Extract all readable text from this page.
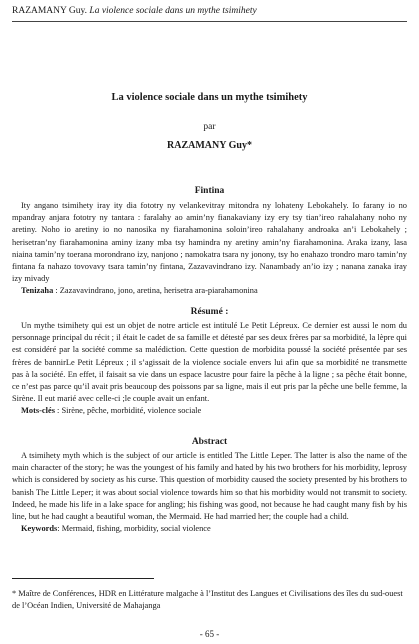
RAZAMANY Guy. La violence sociale dans un mythe tsimihety
La violence sociale dans un mythe tsimihety
par
RAZAMANY Guy*
Fintina

Ity angano tsimihety iray ity dia fototry ny velankevitray mitondra ny lohateny Lebokahely. Io farany io no mpandray anjara fototry ny tantara : faralahy ao amin’ny fianakaviany izy ery tsy tian’ireo rahalahany noho ny aretiny. Noho io aretiny io no nanosika ny fiarahamonina soloin’ireo rahalahany androaka an’i Lebokahely ; herisetran’ny fiarahamonina aminy izany mba tsy hamindra ny aretiny amin’ny fiarahamonina. Araka izany, lasa niaina tamin’ny toerana morondrano izy, nanjono ; namokatra tsara ny jonony, tsy ho enahazo trondro maro tamin’ny fintana fa nahazo tovovavy tsara tamin’ny fintana, Zazavavindrano izy. Nanambady an’io izy ; nanana zanaka iray izy mivady

Tenizaha : Zazavavindrano, jono, aretina, herisetra ara-piarahamonina

Résumé :

Un mythe tsimihety qui est un objet de notre article est intitulé Le Petit Lépreux. Ce dernier est aussi le nom du personnage principal du récit ; il était le cadet de sa famille et détesté par ses deux frères par sa morbidité, la lèpre qui est considéré par la société comme sa malédiction. Cette question de morbidita poussé la société présentée par ses frères de bannirLe Petit Lépreux ; il s’agissait de la violence sociale envers lui afin que sa morbidité ne transmette pas à la société. En effet, il faisait sa vie dans un espace lacustre pour faire la pêche à la ligne ; sa pêche était bonne, ce n’est pas parce qu’il avait pris beaucoup des poissons par sa ligne, mais il eut pris par la pêche une belle femme, la Sirène. Il eut marié avec celle-ci ;le couple avait un enfant.

Mots-clés : Sirène, pêche, morbidité, violence sociale

Abstract

A tsimihety myth which is the subject of our article is entitled The Little Leper. The latter is also the name of the main character of the story; he was the youngest of his family and hated by his two brothers for his morbidity, leprosy which is considered by society as his curse. This question of morbidity caused the society presented by his brothers to banish The Little Leper; it was about social violence towards him so that his morbidity would not transmit to society. Indeed, he made his life in a lake space for angling; his fishing was good, not because he had caught many fish by his line, but he had caught a beautiful woman, the Mermaid. He had married her; the couple had a child.

Keywords: Mermaid, fishing, morbidity, social violence

* Maître de Conférences, HDR en Littérature malgache à l’Institut des Langues et Civilisations des îles du sud-ouest de l’Océan Indien, Université de Mahajanga
- 65 -
